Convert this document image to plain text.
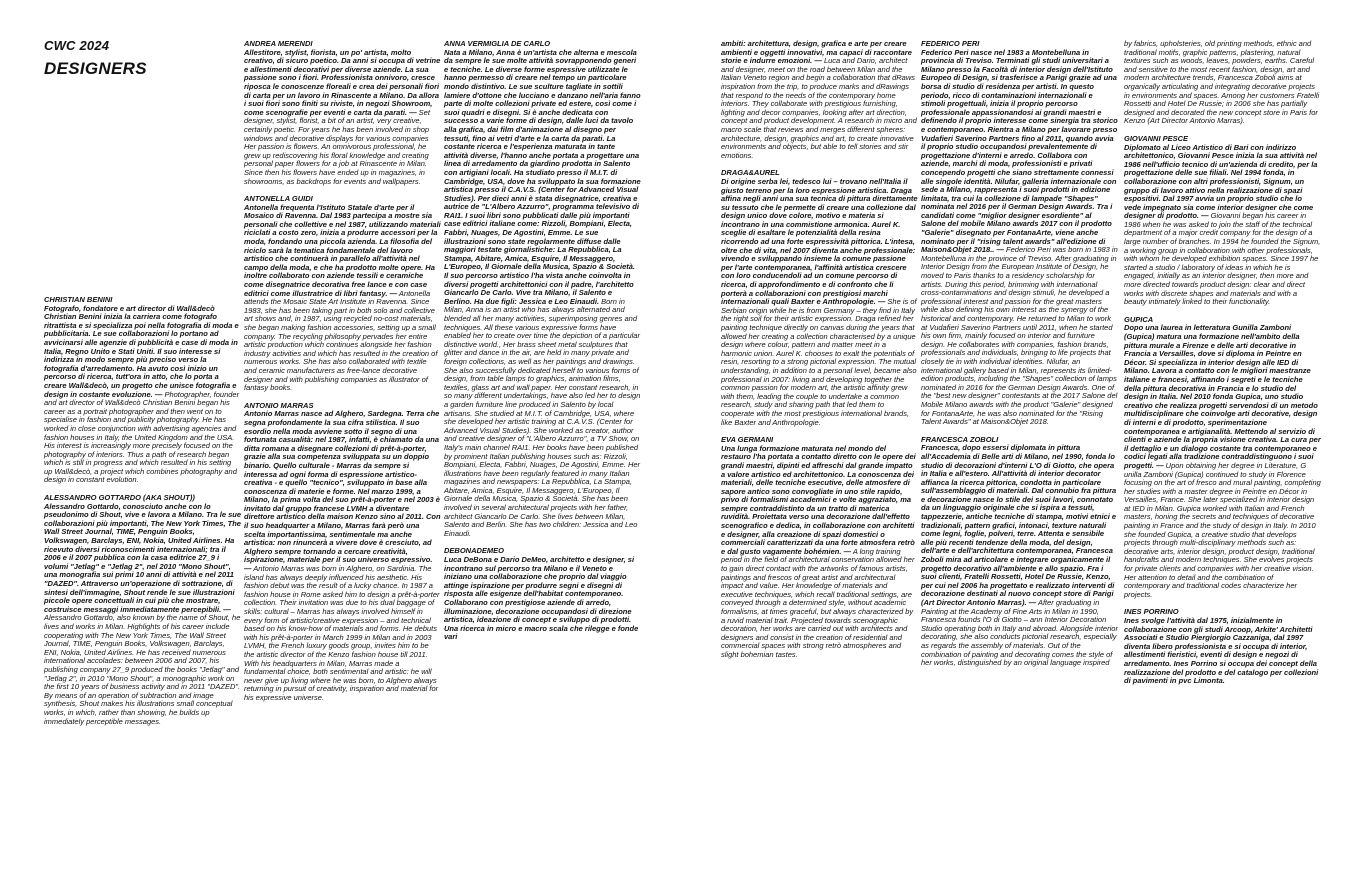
CWC 2024
DESIGNERS
CHRISTIAN BENINI
Fotografo, fondatore e art director di Wall&decò Christian Benini inizia la carriera come fotografo ritrattista e si specializza poi nella fotografia di moda e pubblicitaria. Le sue collaborazioni lo portano ad avvicinarsi alle agenzie di pubblicità e case di moda in Italia, Regno Unito e Stati Uniti. Il suo interesse si indirizza in modo sempre più preciso verso la fotografia d'arredamento. Ha avuto così inizio un percorso di ricerca, tutt'ora in atto, che lo porta a creare Wall&decò, un progetto che unisce fotografia e design in costante evoluzione. — Photographer, founder and art director of Wall&decò Christian Benini began his career as a portrait photographer and then went on to specialise in fashion and publicity photography. He has worked in close conjunction with advertising agencies and fashion houses in Italy, the United Kingdom and the USA. His interest is increasingly more precisely focused on the photography of interiors. Thus a path of research began which is still in progress and which resulted in his setting up Wall&decò, a project which combines photography and design in constant evolution.
ALESSANDRO GOTTARDO (AKA SHOUT))
Alessandro Gottardo, conosciuto anche con lo pseudonimo di Shout, vive e lavora a Milano. Tra le sue collaborazioni più importanti, The New York Times, The Wall Street Journal, TIME, Penguin Books, Volkswagen, Barclays, ENI, Nokia, United Airlines. Ha ricevuto diversi riconoscimenti internazionali; tra il 2006 e il 2007 pubblica con la casa editrice 27_9 i volumi "Jetlag" e "Jetlag 2", nel 2010 "Mono Shout", una monografia sui primi 10 anni di attività e nel 2011 "DAZED". Attraverso un'operazione di sottrazione, di sintesi dell'immagine, Shout rende le sue illustrazioni piccole opere concettuali in cui più che mostrare, costruisce messaggi immediatamente percepibili. — Alessandro Gottardo, also known by the name of Shout, he lives and works in Milan. Highlights of his career include cooperating with The New York Times, The Wall Street Journal, TIME, Penguin Books, Volkswagen, Barclays, ENI, Nokia, United Airlines. He has received numerous international accolades: between 2006 and 2007, his publishing company 27_9 produced the books "Jetlag" and "Jetlag 2", in 2010 "Mono Shout", a monographic work on the first 10 years of business activity and in 2011 "DAZED". By means of an operation of subtraction and image synthesis, Shout makes his illustrations small conceptual works, in which, rather than showing, he builds up immediately perceptible messages.
ANDREA MERENDI
Allestitore, stylist, fiorista, un po' artista, molto creativo, di sicuro poetico. Da anni si occupa di vetrine e allestimenti decorativi per diverse aziende. La sua passione sono i fiori. Professionista onnivoro, cresce riposca le conoscenze floreali e crea dei personali fiori di carta per un lavoro in Rinascente a Milano. Da allora i suoi fiori sono finiti su riviste, in negozi Showroom, come scenografie per eventi e carta da parati. — Set designer, stylist, florist, a bit of an artist, very creative, certainly poetic. For years he has been involved in shop windows and decorative displays for various companies Her passion is flowers. An omnivorous professional, he grew up rediscovering his floral knowledge and creating personal paper flowers for a job at Rinascente in Milan. Since then his flowers have ended up in magazines, in showrooms, as backdrops for events and wallpapers.
ANTONELLA GUIDI
Antonella frequenta l'Istituto Statale d'arte per il Mosaico di Ravenna. Dal 1983 partecipa a mostre sia personali che collettive e nel 1987, utilizzando materiali riciclati a costo zero, inizia a produrre accessori per la moda, fondando una piccola azienda. La filosofia del riciclo sarà la tematica fondamentale del lavoro artistico che continuerà in parallelo all'attività nel campo della moda, e che ha prodotto molte opere. Ha inoltre collaborato con aziende tessili e ceramiche come disegnatrice decorativa free lance e con case editrici come illustratrice di libri fantasy. — Antonella attends the Mosaic State Art Institute in Ravenna. Since 1983, she has been taking part in both solo and collective art shows and, in 1987, using recycled no-cost materials, she began making fashion accessories, setting up a small company. The recycling philosophy pervades her entire artistic production which continues alongside her fashion industry activities and which has resulted in the creation of numerous works. She has also collaborated with textile and ceramic manufacturers as free-lance decorative designer and with publishing companies as illustrator of fantasy books.
ANTONIO MARRAS
Antonio Marras nasce ad Alghero, Sardegna. Terra che segna profondamente la sua cifra stilistica. Il suo esordio nella moda avviene sotto il segno di una fortunata casualità: nel 1987, infatti, è chiamato da una ditta romana a disegnare collezioni di prêt-à-porter, grazie alla sua competenza sviluppata su un doppio binario. Quello culturale - Marras da sempre si interessa ad ogni forma di espressione artistico-creativa - e quello "tecnico", sviluppato in base alla conoscenza di materie e forme. Nel marzo 1999, a Milano, la prima volta del suo prêt-à-porter e nel 2003 è invitato dal gruppo francese LVMH a diventare direttore artistico della maison Kenzo sino al 2011. Con il suo headquarter a Milano, Marras farà però una scelta importantissima, sentimentale ma anche artistica: non rinuncerà a vivere dove è cresciuto, ad Alghero sempre tornando a cercare creatività, ispirazione, materiale per il suo universo espressivo. — Antonio Marras was born in Alghero, on Sardinia. The island has always deeply influenced his aesthetic. His fashion debut was the result of a lucky chance. In 1987 a fashion house in Rome asked him to design a prêt-à-porter collection. Their invitation was due to his dual baggage of skills: cultural – Marras has always involved himself in every form of artistic/creative expression – and technical based on his know-how of materials and forms. He debuts with his prêt-à-porter in March 1999 in Milan and in 2003 LVMH, the French luxury goods group, invites him to be the artistic director of the Kenzo fashion house till 2011. With his headquarters in Milan, Marras made a fundamental choice, both sentimental and artistic: he will never give up living where he was born, to Alghero always returning in pursuit of creativity, inspiration and material for his expressive universe.
ANNA VERMIGLIA DE CARLO
Nata a Milano, Anna è un'artista che alterna e mescola da sempre le sue molte attività sovrapponendo generi e tecniche. Le diverse forme espressive utilizzate le hanno permesso di creare nel tempo un particolare mondo distintivo. Le sue sculture tagliate in sottili lamiere d'ottone che lucciano e danzano nell'aria fanno parte di molte collezioni private ed estere, così come i suoi quadri e disegni. Si è anche dedicata con successo a varie forme di design, dalle luci da tavolo alla grafica, dai film d'animazione al disegno per tessuti, fino ai vetri d'arte e la carta da parati. La costante ricerca e l'esperienza maturata in tante attività diverse, l'hanno anche portata a progettare una linea di arredamento da giardino prodotta in Salento con artigiani locali. Ha studiato presso il M.I.T. di Cambridge, USA, dove ha sviluppato la sua formazione artistica presso il C.A.V.S. (Center for Advanced Visual Studies). Per dieci anni è stata disegnatrice, creativa e autrice de "L'Albero Azzurro", programma televisivo di RAI1. I suoi libri sono pubblicati dalle più importanti case editrici italiane come: Rizzoli, Bompiani, Electa, Fabbri, Nuages, De Agostini, Emme. Le sue illustrazioni sono state regolarmente diffuse dalle maggiori testate giornalistiche: La Repubblica, La Stampa, Abitare, Amica, Esquire, Il Messaggero, L'Europeo, Il Giornale della Musica, Spazio & Società. Il suo percorso artistico l'ha vista anche coinvolta in diversi progetti architettonici con il padre, l'architetto Giancarlo De Carlo. Vive tra Milano, il Salento e Berlino. Ha due figli: Jessica e Leo Einaudi. Born in Milan, Anna is an artist who has always alternated and blended all her many activities, superimposing genres and techniques. All these various expressive forms have enabled her to create over time the depiction of a particular distinctive world., Her brass sheet metal sculptures that glitter and dance in the air, are held in many private and foreign collections, as well as her paintings and drawings. She also successfully dedicated herself to various forms of design, from table lamps to graphics, animation films, textiles, glass art and wall paper. Her constant research, in so many different undertakings, have also led her to design a garden furniture line produced in Salento by local artisans. She studied at M.I.T. of Cambridge, USA, where she developed her artistic training at C.A.V.S. (Center for Advanced Visual Studies). She worked as creator, author and creative designer of "L'Albero Azzurro", a TV Show, on Italy's main channel RAI1. Her books have been published by prominent Italian publishing houses such as: Rizzoli, Bompiani, Electa, Fabbri, Nuages, De Agostini, Emme. Her illustrations have been regularly featured in many Italian magazines and newspapers: La Repubblica, La Stampa, Abitare, Amica, Esquire, Il Messaggero, L'Europeo, Il Giornale della Musica, Spazio & Società. She has been involved in several architectural projects with her father, architect Giancarlo De Carlo. She lives between Milan, Salento and Berlin. She has two children: Jessica and Leo Einaudi.
DEBONADEMEO
Luca DeBona e Dario DeMeo, architetto e designer, si incontrano sul percorso tra Milano e il Veneto e iniziano una collaborazione che proprio dal viaggio attinge ispirazione per produrre segni e disegni di risposta alle esigenze dell'habitat contemporaneo. Collaborano con prestigiose aziende di arredo, illuminazione, decorazione occupandosi di direzione artistica, ideazione di concept e sviluppo di prodotti. Una ricerca in micro e macro scala che rilegge e fonde vari
ambiti: architettura, design, grafica e arte per creare ambienti e oggetti innovativi, ma capaci di raccontare storie e indurre emozioni. — Luca and Dario, architect and designer, meet on the road between Milan and the Italian Veneto region and begin a collaboration that dRaws inspiration from the trip, to produce marks and dRawings that respond to the needs of the contemporary home interiors. They collaborate with prestigious furnishing, lighting and decor companies, looking after art direction, concept and product development. A research in micro and macro scale that reviews and merges different spheres: architecture, design, graphics and art, to create innovative environments and objects, but able to tell stories and stir emotions.
DRAGA&AUREL
Di origine serba lei, tedesco lui – trovano nell'Italia il giusto terreno per la loro espressione artistica. Draga affina negli anni una sua tecnica di pittura direttamente su tessuto che le permette di creare una collezione dal design unico dove colore, motivo e materia si incontrano in una commistione armonica. Aurel K. sceglie di esaltare le potenzialità della resina ricorrendo ad una forte espressività pittorica. L'intesa, oltre che di vita, nel 2007 diventa anche professionale: vivendo e sviluppando insieme la comune passione per l'arte contemporanea, l'affinità artistica crescere con loro conducendoli ad un comune percorso di ricerca, di approfondimento e di confronto che li porterà a collaborazioni con prestigiosi marchi internazionali quali Baxter e Anthropologie. — She is of Serbian origin while he is from Germany – they find in Italy the right soil for their artistic expression. Draga refined her painting technique directly on canvas during the years that allowed her creating a collection characterised by a unique design where colour, pattern and matter meet in a harmonic union. Aurel K. chooses to exalt the potentials of resin, resorting to a strong pictorial expression. The mutual understanding, in addition to a personal level, became also professional in 2007: living and developing together the common passion for modern art, the artistic affinity grew with them, leading the couple to undertake a common research, study and sharing path that led them to cooperate with the most prestigious international brands, like Baxter and Anthropologie.
EVA GERMANI
Una lunga formazione maturata nel mondo del restauro l'ha portata a contatto diretto con le opere dei grandi maestri, dipinti ed affreschi dal grande impatto a valore artistico ed architettonico. La conoscenza dei materiali, delle tecniche esecutive, delle atmosfere di sapore antico sono convogliate in uno stile rapido, privo di formalismi accademici e volte aggraziato, ma sempre contraddistinto da un tratto di materica ruvidità. Proiettata verso una decorazione dall'effetto scenografico e dedica, in collaborazione con architetti e designer, alla creazione di spazi domestici o commerciali caratterizzati da una forte atmosfera retrò e dal gusto vagamente bohémien. — A long training period in the field of architectural conservation allowed her to gain direct contact with the artworks of famous artists, paintings and frescos of great artist and architectural impact and value. Her knowledge of materials and executive techniques, which recall traditional settings, are conveyed through a determined style, without academic formalisms, at times graceful, but always characterized by a ruvid material trait. Projected towards scenographic decoration, her works are carried out with architects and designers and consist in the creation of residential and commercial spaces with strong retrò atmospheres and slight bohemian tastes.
FEDERICO PERI
Federico Peri nasce nel 1983 a Montebelluna in provincia di Treviso. Terminati gli studi universitari a Milano presso la Facoltà di interior design dell'Istituto Europeo di Design, si trasferisce a Parigi grazie ad una borsa di studio di residenza per artisti. In questo periodo, ricco di contaminazioni internazionali e stimoli progettuali, inizia il proprio percorso professionale appassionandosi ai grandi maestri e definendo il proprio interesse come sinergia tra storico e contemporaneo. Rientra a Milano per lavorare presso Vudafieri Saverino Partners fino al 2011, quando avvia il proprio studio occupandosi prevalentemente di progettazione d'interni e arredo. Collabora con aziende, marchi di moda, professionisti e privati concependo progetti che siano strettamente connessi alle singole identità. Nilufar, galleria internazionale con sede a Milano, rappresenta i suoi prodotti in edizione limitata, tra cui la collezione di lampade "Shapes" nominata nel 2016 per il German Design Awards. Tra i candidati come "miglior designer esordiente" al Salone del mobile Milano awards 2017 con il prodotto "Galerie" disegnato per FontanaArte, viene anche nominato per il "rising talent awards" all'edizione di Maison&Objet 2018.. — Federico Peri was born in 1983 in Montebelluna in the province of Treviso. After graduating in Interior Design from the European Institute of Design, he moved to Paris thanks to a residency scholarship for artists. During this period, brimming with international cross-contaminations and design stimuli, he developed a professional interest and passion for the great masters while also defining his own interest as the synergy of the historical and contemporary. He returned to Milan to work at Vudafieri Saverino Partners until 2011, when he started his own firm, mainly focused on interior and furniture design. He collaborates with companies, fashion brands, professionals and individuals, bringing to life projects that closely tie in with individual identities. Nilufar, an international gallery based in Milan, represents its limited-edition products, including the "Shapes" collection of lamps nominated in 2016 for the German Design Awards. One of the "best new designer" contestants at the 2017 Salone del Mobile Milano awards with the product "Galerie" designed for FontanaArte, he was also nominated for the "Rising Talent Awards" at Maison&Objet 2018.
FRANCESCA ZOBOLI
Francesca, dopo essersi diplomata in pittura all'Accademia di Belle arti di Milano, nel 1990, fonda lo studio di decorazioni d'interni L'O di Giotto, che opera in Italia e all'estero. All'attività di interior decorator affianca la ricerca pittorica, condotta in particolare sull'assemblaggio di materiali. Dal connubio fra pittura e decorazione nasce lo stile dei suoi lavori, connotato da un linguaggio originale che si ispira a tessuti, tappezzerie, antiche tecniche di stampa, motivi etnici e tradizionali, pattern grafici, intonaci, texture naturali come legni, foglie, polveri, terre. Attenta e sensibile alle più recenti tendenze della moda, del design, dell'arte e dell'architettura contemporanea, Francesca Zoboli mira ad articolare e integrare organicamente il progetto decorativo all'ambiente e allo spazio. Fra i suoi clienti, Fratelli Rossetti, Hotel De Russie, Kenzo, per cui nel 2006 ha progettato e realizzato interventi di decorazione destinati al nuovo concept store di Parigi (Art Director Antonio Marras). — After graduating in Painting at the Academy of Fine Arts in Milan in 1990, Francesca founds l'O di Giotto – ann Interior Decoration Studio operating both in Italy and abroad. Alongside interior decorating, she also conducts pictorial research, especially as regards the assembly of materials. Out of the combination of painting and decorating comes the style of her works, distinguished by an original language inspired
by fabrics, upholsteries, old printing methods, ethnic and traditional motifs, graphic patterns, plastering, natural textures such as woods, leaves, powders, earths. Careful and sensitive to the most recent fashion, design, art and modern architecture trends, Francesca Zoboli aims at organically articulating and integrating decorative projects in environments and spaces. Among her customers Fratelli Rossetti and Hotel De Russie; in 2006 she has partially designed and decorated the new concept store in Paris for Kenzo (Art Director Antonio Marras).
GIOVANNI PESCE
Diplomato al Liceo Artistico di Bari con indirizzo architettonico, Giovanni Pesce inizia la sua attività nel 1986 nell'ufficio tecnico di un'azienda di credito, per la progettazione delle sue filiali. Nel 1994 fonda, in collaborazione con altri professionisti, Signum, un gruppo di lavoro attivo nella realizzazione di spazi espositivi. Dal 1997 avvia un proprio studio che lo vede impegnato sia come interior designer che come designer di prodotto. — Giovanni began his career in 1986 when he was asked to join the staff of the technical department of a major credit company for the design of a large number of branches. In 1994 he founded the Signum, a working group in collaboration with other professionals, with whom he developed exhibition spaces. Since 1997 he started a studio / laboratory of ideas in which he is engaged, initially as an interior designer, then more and more directed towards product design: clear and direct works with discrete shapes and materials and with a beauty intimately linked to their functionality.
GUPICA
Dopo una laurea in letteratura Gunilla Zamboni (Gupica) matura una formazione nell'ambito della pittura murale a Firenze e delle arti decorative in Francia a Versailles, dove si diploma in Peintre en Décor. Si specializza in interior design alle IED di Milano. Lavora a contatto con le migliori maestranze italiane e francesi, affinando i segreti e le tecniche della pittura decorativa in Francia e lo studio del design in Italia. Nel 2010 fonda Gupica, uno studio creativo che realizza progetti servendosi di un metodo multidisciplinare che coinvolge arti decorative, design di interni e di prodotto, sperimentazione contemporanea e artigianalità. Mettendo al servizio di clienti e aziende la propria visione creativa. La cura per il dettaglio e un dialogo costante tra contemporaneo e codici legati alla tradizione contraddistinguono i suoi progetti. — Upon obtaining her degree in Literature, G unilla Zamboni (Gupica) continued to study in Florence focusing on the art of fresco and mural painting, completing her studies with a master degree in Peintre en Décor in Versailles, France. She later specialized in interior design at IED in Milan. Gupica worked with Italian and French masters, honing the secrets and techniques of decorative painting in France and the study of design in Italy. In 2010 she founded Gupica, a creative studio that develops projects through multi-disciplinary methods such as: decorative arts, interior design, product design, traditional handcrafts and modern techniques. She evolves projects for private clients and companies with her creative vision. Her attention to detail and the combination of contemporary and traditional codes characterize her projects.
INES PORRINO
Ines svolge l'attività dal 1975, inizialmente in collaborazione con gli studi Arcoop, Arkite' Architetti Associati e Studio Piergiorgio Cazzaniga, dal 1997 diventa libero professionista e si occupa di interior, allestimenti fieristici, eventi di design e negozi di arredamento. Ines Porrino si occupa dei concept della realizzazione del prodotto e del catalogo per collezioni di pavimenti in pvc Limonta.
